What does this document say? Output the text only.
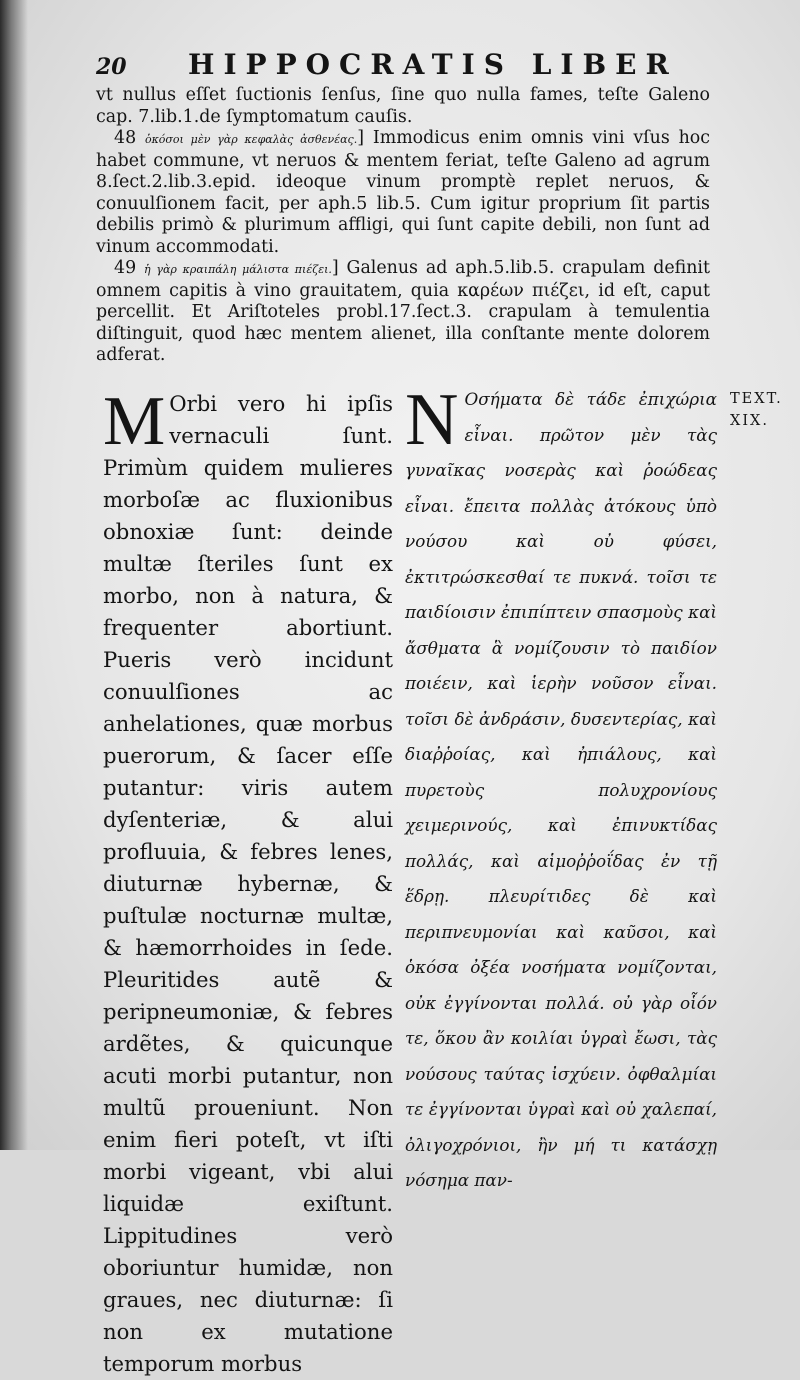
20 HIPPOCRATIS LIBER

vt nullus eſſet ſuctionis ſenſus, ſine quo nulla fames, teſte Galeno cap. 7.lib.1.de ſymptomatum cauſis.

48 ὁκόσοι μὲν γὰρ κεφαλὰς ἀσθενέας.] Immodicus enim omnis vini vſus hoc habet commune, vt neruos & mentem feriat, teſte Galeno ad agrum 8.ſect.2.lib.3.epid. ideoque vinum promptè replet neruos, & conuulſionem facit, per aph.5 lib.5. Cum igitur proprium ſit partis debilis primò & plurimum affligi, qui ſunt capite debili, non ſunt ad vinum accommodati.

49 ἡ γὰρ κραιπάλη μάλιστα πιέζει.] Galenus ad aph.5.lib.5. crapulam definit omnem capitis à vino grauitatem, quia καρέων πιέζει, id eſt, caput percellit. Et Ariſtoteles probl.17.ſect.3. crapulam à temulentia diſtinguit, quod hæc mentem alienet, illa conſtante mente dolorem adferat.

M Orbi vero hi ipſis vernaculi ſunt. Primùm quidem mulieres morboſæ ac fluxionibus obnoxiæ ſunt: deinde multæ ſteriles ſunt ex morbo, non à natura, & frequenter abortiunt. Pueris verò incidunt conuulſiones ac anhelationes, quæ morbus puerorum, & ſacer eſſe putantur: viris autem dyſenteriæ, & alui profluuia, & febres lenes, diuturnæ hybernæ, & puſtulæ nocturnæ multæ, & hæmorrhoides in ſede. Pleuritides autẽ & peripneumoniæ, & febres ardẽtes, & quicunque acuti morbi putantur, non multũ proueniunt. Non enim fieri poteſt, vt iſti morbi vigeant, vbi alui liquidæ exiſtunt. Lippitudines verò oboriuntur humidæ, non graues, nec diuturnæ: ſi non ex mutatione temporum morbus

N Οσήματα δὲ τάδε ἐπιχώρια εἶναι. πρῶτον μὲν τὰς γυναῖκας νοσερὰς καὶ ῥοώδεας εἶναι. ἔπειτα πολλὰς ἀτόκους ὑπὸ νούσου καὶ οὐ φύσει, ἐκτιτρώσκεσθαί τε πυκνά. τοῖσι τε παιδίοισιν ἐπιπίπτειν σπασμοὺς καὶ ἄσθματα ἃ νομίζουσιν τὸ παιδίον ποιέειν, καὶ ἱερὴν νοῦσον εἶναι. τοῖσι δὲ ἀνδράσιν, δυσεντερίας, καὶ διαῤῥοίας, καὶ ἠπιάλους, καὶ πυρετοὺς πολυχρονίους χειμερινούς, καὶ ἐπινυκτίδας πολλάς, καὶ αἱμοῤῥοΐδας ἐν τῇ ἕδρῃ. πλευρίτιδες δὲ καὶ περιπνευμονίαι καὶ καῦσοι, καὶ ὁκόσα ὀξέα νοσήματα νομίζονται, οὐκ ἐγγίνονται πολλά. οὐ γὰρ οἷόν τε, ὅκου ἂν κοιλίαι ὑγραὶ ἔωσι, τὰς νούσους ταύτας ἰσχύειν. ὀφθαλμίαι τε ἐγγίνονται ὑγραὶ καὶ οὐ χαλεπαί, ὀλιγοχρόνιοι, ἢν μή τι κατάσχῃ νόσημα παν-

TEXT.
XIX.
